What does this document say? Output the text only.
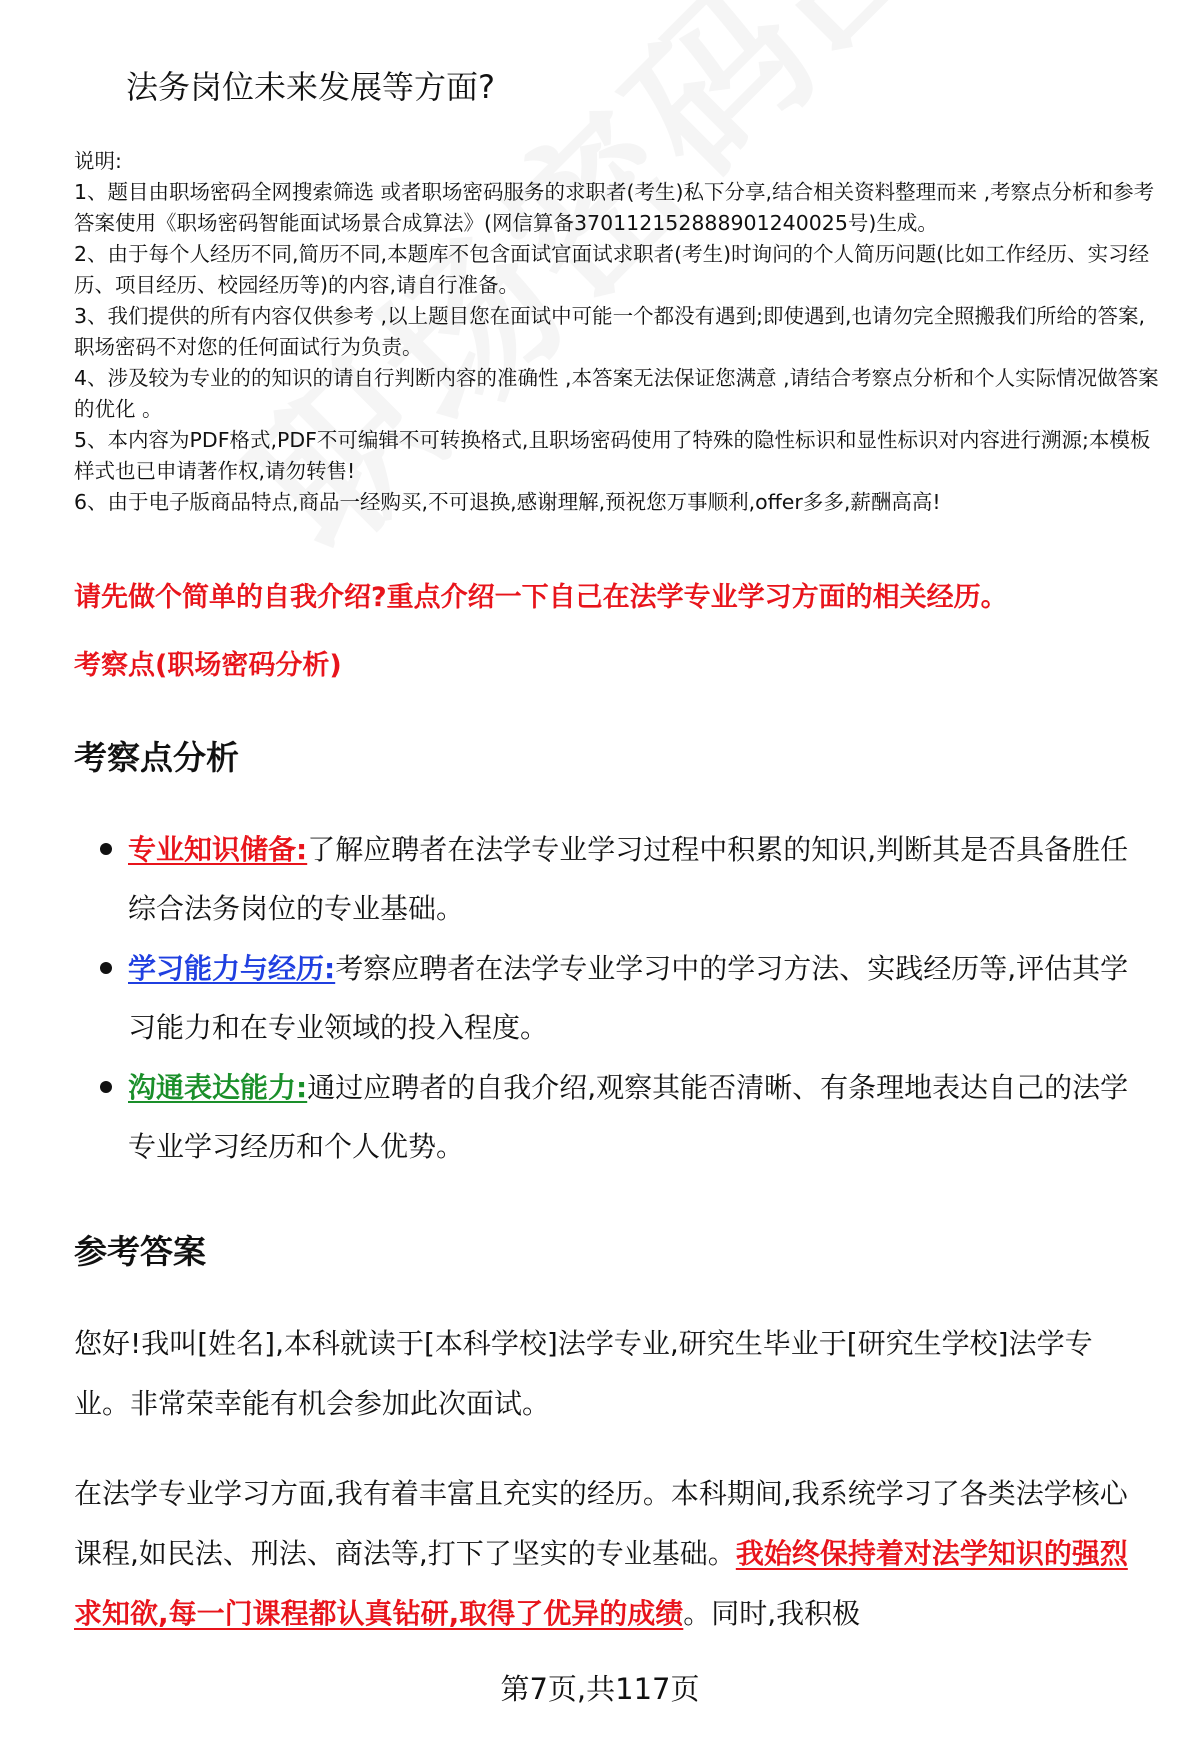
法务岗位未来发展等方面?

说明:

1、题目由职场密码全网搜索筛选 或者职场密码服务的求职者(考生)私下分享,结合相关资料整理而来 ,考察点分析和参考答案使用《职场密码智能面试场景合成算法》(网信算备370112152888901240025号)生成。

2、由于每个人经历不同,简历不同,本题库不包含面试官面试求职者(考生)时询问的个人简历问题(比如工作经历、实习经历、项目经历、校园经历等)的内容,请自行准备。

3、我们提供的所有内容仅供参考 ,以上题目您在面试中可能一个都没有遇到;即使遇到,也请勿完全照搬我们所给的答案,职场密码不对您的任何面试行为负责。

4、涉及较为专业的的知识的请自行判断内容的准确性 ,本答案无法保证您满意 ,请结合考察点分析和个人实际情况做答案的优化 。

5、本内容为PDF格式,PDF不可编辑不可转换格式,且职场密码使用了特殊的隐性标识和显性标识对内容进行溯源;本模板样式也已申请著作权,请勿转售!

6、由于电子版商品特点,商品一经购买,不可退换,感谢理解,预祝您万事顺利,offer多多,薪酬高高!

请先做个简单的自我介绍?重点介绍一下自己在法学专业学习方面的相关经历。

考察点(职场密码分析)

考察点分析
专业知识储备:了解应聘者在法学专业学习过程中积累的知识,判断其是否具备胜任综合法务岗位的专业基础。
学习能力与经历:考察应聘者在法学专业学习中的学习方法、实践经历等,评估其学习能力和在专业领域的投入程度。
沟通表达能力:通过应聘者的自我介绍,观察其能否清晰、有条理地表达自己的法学专业学习经历和个人优势。
参考答案

您好!我叫[姓名],本科就读于[本科学校]法学专业,研究生毕业于[研究生学校]法学专业。非常荣幸能有机会参加此次面试。

在法学专业学习方面,我有着丰富且充实的经历。本科期间,我系统学习了各类法学核心课程,如民法、刑法、商法等,打下了坚实的专业基础。我始终保持着对法学知识的强烈求知欲,每一门课程都认真钻研,取得了优异的成绩。同时,我积极

第7页,共117页
